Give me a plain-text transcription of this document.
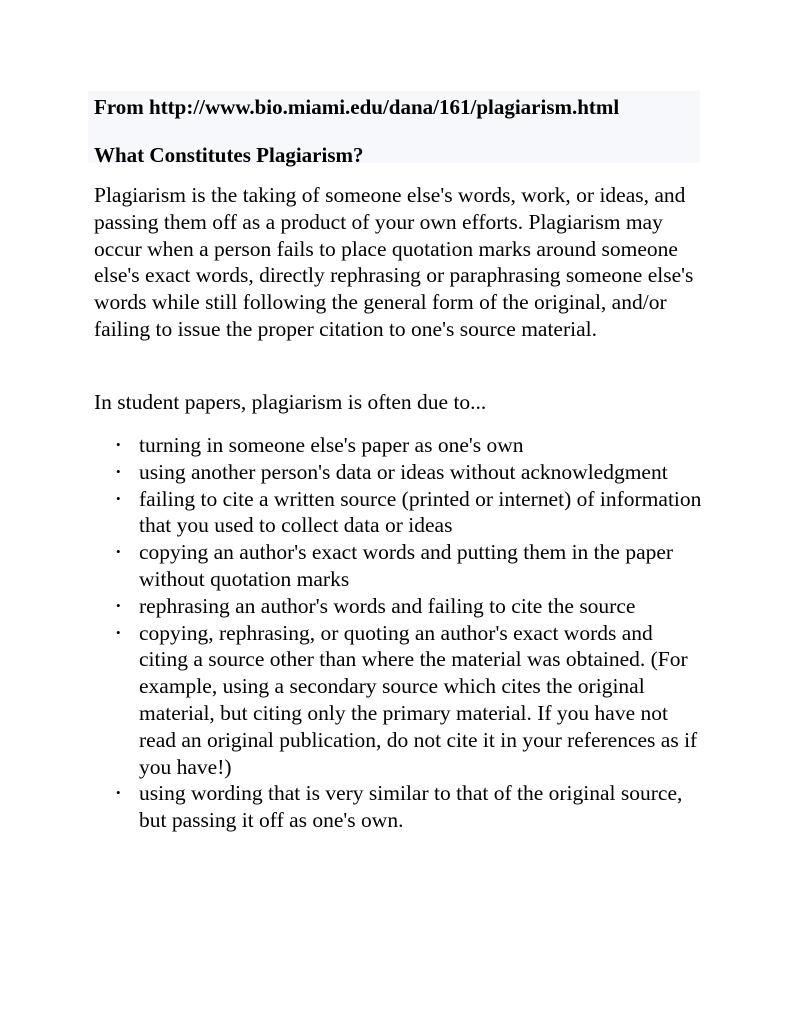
From http://www.bio.miami.edu/dana/161/plagiarism.html
What Constitutes Plagiarism?

Plagiarism is the taking of someone else's words, work, or ideas, and passing them off as a product of your own efforts. Plagiarism may occur when a person fails to place quotation marks around someone else's exact words, directly rephrasing or paraphrasing someone else's words while still following the general form of the original, and/or failing to issue the proper citation to one's source material.

In student papers, plagiarism is often due to...

• turning in someone else's paper as one's own
• using another person's data or ideas without acknowledgment
• failing to cite a written source (printed or internet) of information that you used to collect data or ideas
• copying an author's exact words and putting them in the paper without quotation marks
• rephrasing an author's words and failing to cite the source
• copying, rephrasing, or quoting an author's exact words and citing a source other than where the material was obtained. (For example, using a secondary source which cites the original material, but citing only the primary material. If you have not read an original publication, do not cite it in your references as if you have!)
• using wording that is very similar to that of the original source, but passing it off as one's own.
